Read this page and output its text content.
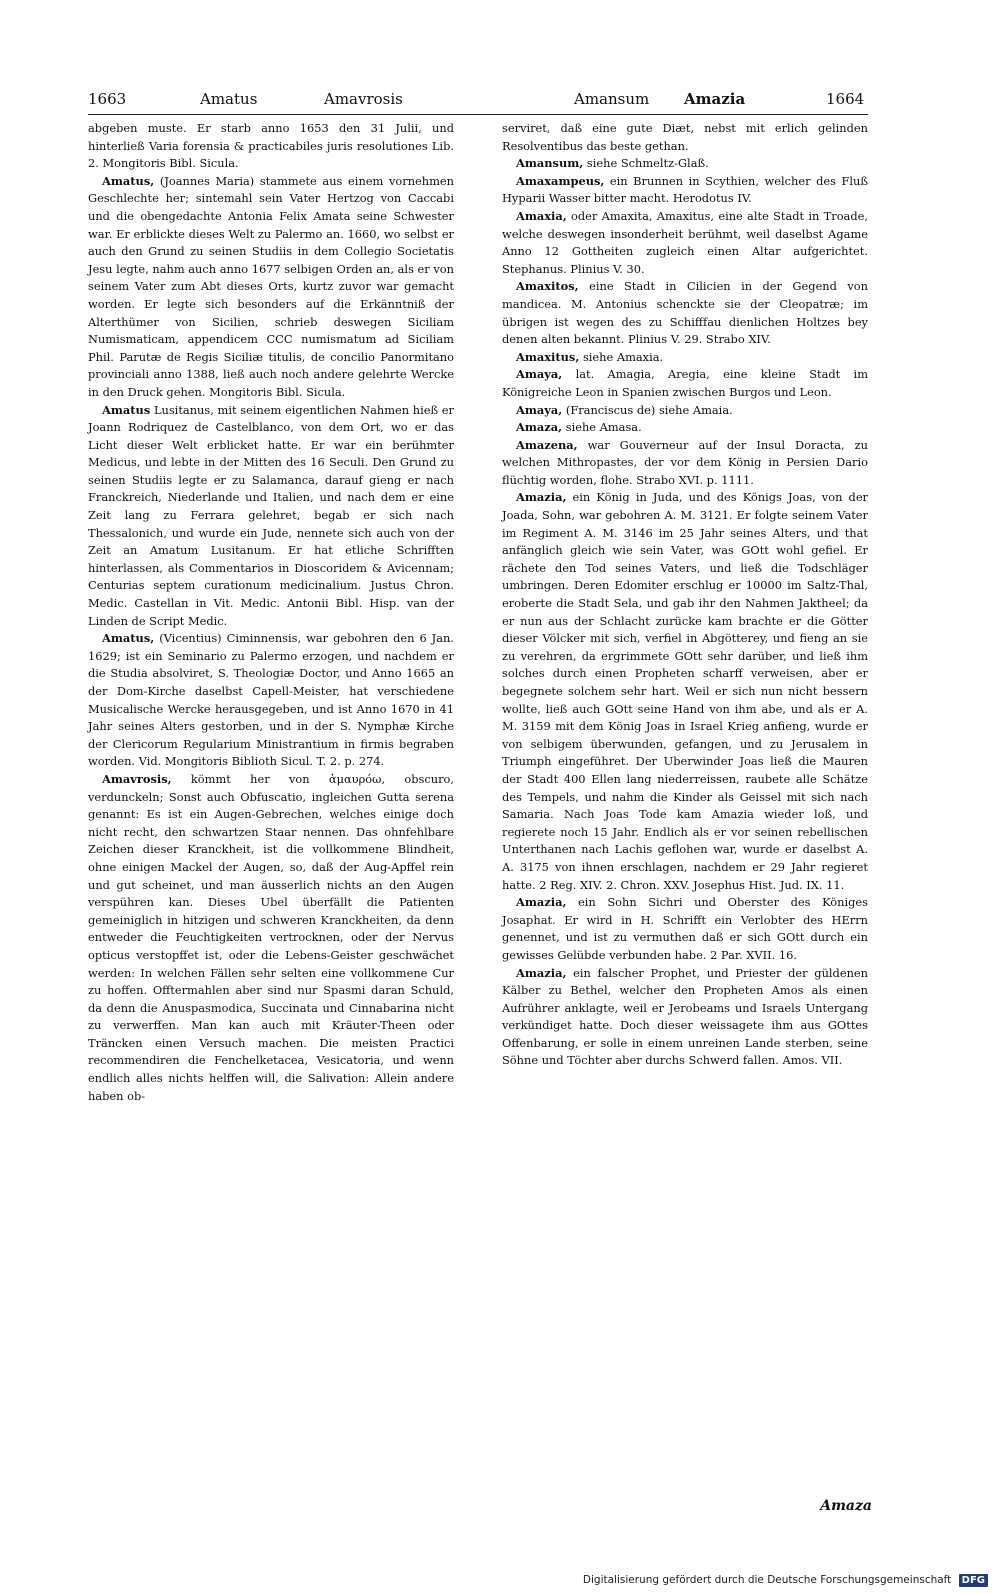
1663	Amatus	Amavrosis	Amansum Amazia	1664

abgeben muste. Er starb anno 1653 den 31 Julii, und hinterließ Varia forensia & practicabiles juris resolutiones Lib. 2. Mongitoris Bibl. Sicula.

Amatus, (Joannes Maria) stammete aus einem vornehmen Geschlechte her; sintemahl sein Vater Hertzog von Caccabi und die obengedachte Antonia Felix Amata seine Schwester war. Er erblickte dieses Welt zu Palermo an. 1660, wo selbst er auch den Grund zu seinen Studiis in dem Collegio Societatis Jesu legte, nahm auch anno 1677 selbigen Orden an, als er von seinem Vater zum Abt dieses Orts, kurtz zuvor war gemacht worden. Er legte sich besonders auf die Erkänntniß der Alterthümer von Sicilien, schrieb deswegen Siciliam Numismaticam, appendicem CCC numismatum ad Siciliam Phil. Parutæ de Regis Siciliæ titulis, de concilio Panormitano provinciali anno 1388, ließ auch noch andere gelehrte Wercke in den Druck gehen. Mongitoris Bibl. Sicula.

Amatus Lusitanus, mit seinem eigentlichen Nahmen hieß er Joann Rodriquez de Castelblanco, von dem Ort, wo er das Licht dieser Welt erblicket hatte. Er war ein berühmter Medicus, und lebte in der Mitten des 16 Seculi. Den Grund zu seinen Studiis legte er zu Salamanca, darauf gieng er nach Franckreich, Niederlande und Italien, und nach dem er eine Zeit lang zu Ferrara gelehret, begab er sich nach Thessalonich, und wurde ein Jude, nennete sich auch von der Zeit an Amatum Lusitanum. Er hat etliche Schrifften hinterlassen, als Commentarios in Dioscoridem & Avicennam; Centurias septem curationum medicinalium. Justus Chron. Medic. Castellan in Vit. Medic. Antonii Bibl. Hisp. van der Linden de Script Medic.

Amatus, (Vicentius) Ciminnensis, war gebohren den 6 Jan. 1629; ist ein Seminario zu Palermo erzogen, und nachdem er die Studia absolviret, S. Theologiæ Doctor, und Anno 1665 an der Dom-Kirche daselbst Capell-Meister, hat verschiedene Musicalische Wercke herausgegeben, und ist Anno 1670 in 41 Jahr seines Alters gestorben, und in der S. Nymphæ Kirche der Clericorum Regularium Ministrantium in firmis begraben worden. Vid. Mongitoris Biblioth Sicul. T. 2. p. 274.

Amavrosis, kömmt her von ἀμαυρόω, obscuro, verdunckeln; Sonst auch Obfuscatio, ingleichen Gutta serena genannt: Es ist ein Augen-Gebrechen, welches einige doch nicht recht, den schwartzen Staar nennen. Das ohnfehlbare Zeichen dieser Kranckheit, ist die vollkommene Blindheit, ohne einigen Mackel der Augen, so, daß der Aug-Apffel rein und gut scheinet, und man äusserlich nichts an den Augen verspühren kan. Dieses Ubel überfällt die Patienten gemeiniglich in hitzigen und schweren Kranckheiten, da denn entweder die Feuchtigkeiten vertrocknen, oder der Nervus opticus verstopffet ist, oder die Lebens-Geister geschwächet werden: In welchen Fällen sehr selten eine vollkommene Cur zu hoffen. Offtermahlen aber sind nur Spasmi daran Schuld, da denn die Anuspasmodica, Succinata und Cinnabarina nicht zu verwerffen. Man kan auch mit Kräuter-Theen oder Träncken einen Versuch machen. Die meisten Practici recommendiren die Fenchelketacea, Vesicatoria, und wenn endlich alles nichts helffen will, die Salivation: Allein andere haben ob-

serviret, daß eine gute Diæt, nebst mit erlich gelinden Resolventibus das beste gethan.

Amansum, siehe Schmeltz-Glaß.

Amaxampeus, ein Brunnen in Scythien, welcher des Fluß Hyparii Wasser bitter macht. Herodotus IV.

Amaxia, oder Amaxita, Amaxitus, eine alte Stadt in Troade, welche deswegen insonderheit berühmt, weil daselbst Agame Anno 12 Gottheiten zugleich einen Altar aufgerichtet. Stephanus. Plinius V. 30.

Amaxitos, eine Stadt in Cilicien in der Gegend von mandicea. M. Antonius schenckte sie der Cleopatræ; im übrigen ist wegen des zu Schifffau dienlichen Holtzes bey denen alten bekannt. Plinius V. 29. Strabo XIV.

Amaxitus, siehe Amaxia.

Amaya, lat. Amagia, Aregia, eine kleine Stadt im Königreiche Leon in Spanien zwischen Burgos und Leon.

Amaya, (Franciscus de) siehe Amaia.

Amaza, siehe Amasa.

Amazena, war Gouverneur auf der Insul Doracta, zu welchen Mithropastes, der vor dem König in Persien Dario flüchtig worden, flohe. Strabo XVI. p. 1111.

Amazia, ein König in Juda, und des Königs Joas, von der Joada, Sohn, war gebohren A. M. 3121. Er folgte seinem Vater im Regiment A. M. 3146 im 25 Jahr seines Alters, und that anfänglich gleich wie sein Vater, was GOtt wohl gefiel. Er rächete den Tod seines Vaters, und ließ die Todschläger umbringen. Deren Edomiter erschlug er 10000 im Saltz-Thal, eroberte die Stadt Sela, und gab ihr den Nahmen Jaktheel; da er nun aus der Schlacht zurücke kam brachte er die Götter dieser Völcker mit sich, verfiel in Abgötterey, und fieng an sie zu verehren, da ergrimmete GOtt sehr darüber, und ließ ihm solches durch einen Propheten scharff verweisen, aber er begegnete solchem sehr hart. Weil er sich nun nicht bessern wollte, ließ auch GOtt seine Hand von ihm abe, und als er A. M. 3159 mit dem König Joas in Israel Krieg anfieng, wurde er von selbigem überwunden, gefangen, und zu Jerusalem in Triumph eingeführet. Der Uberwinder Joas ließ die Mauren der Stadt 400 Ellen lang niederreissen, raubete alle Schätze des Tempels, und nahm die Kinder als Geissel mit sich nach Samaria. Nach Joas Tode kam Amazia wieder loß, und regierete noch 15 Jahr. Endlich als er vor seinen rebellischen Unterthanen nach Lachis geflohen war, wurde er daselbst A. A. 3175 von ihnen erschlagen, nachdem er 29 Jahr regieret hatte. 2 Reg. XIV. 2. Chron. XXV. Josephus Hist. Jud. IX. 11.

Amazia, ein Sohn Sichri und Oberster des Königes Josaphat. Er wird in H. Schrifft ein Verlobter des HErrn genennet, und ist zu vermuthen daß er sich GOtt durch ein gewisses Gelübde verbunden habe. 2 Par. XVII. 16.

Amazia, ein falscher Prophet, und Priester der güldenen Kälber zu Bethel, welcher den Propheten Amos als einen Aufrührer anklagte, weil er Jerobeams und Israels Untergang verkündiget hatte. Doch dieser weissagete ihm aus GOttes Offenbarung, er solle in einem unreinen Lande sterben, seine Söhne und Töchter aber durchs Schwerd fallen. Amos. VII.

Amaza
Digitalisierung gefördert durch die Deutsche Forschungsgemeinschaft DFG
